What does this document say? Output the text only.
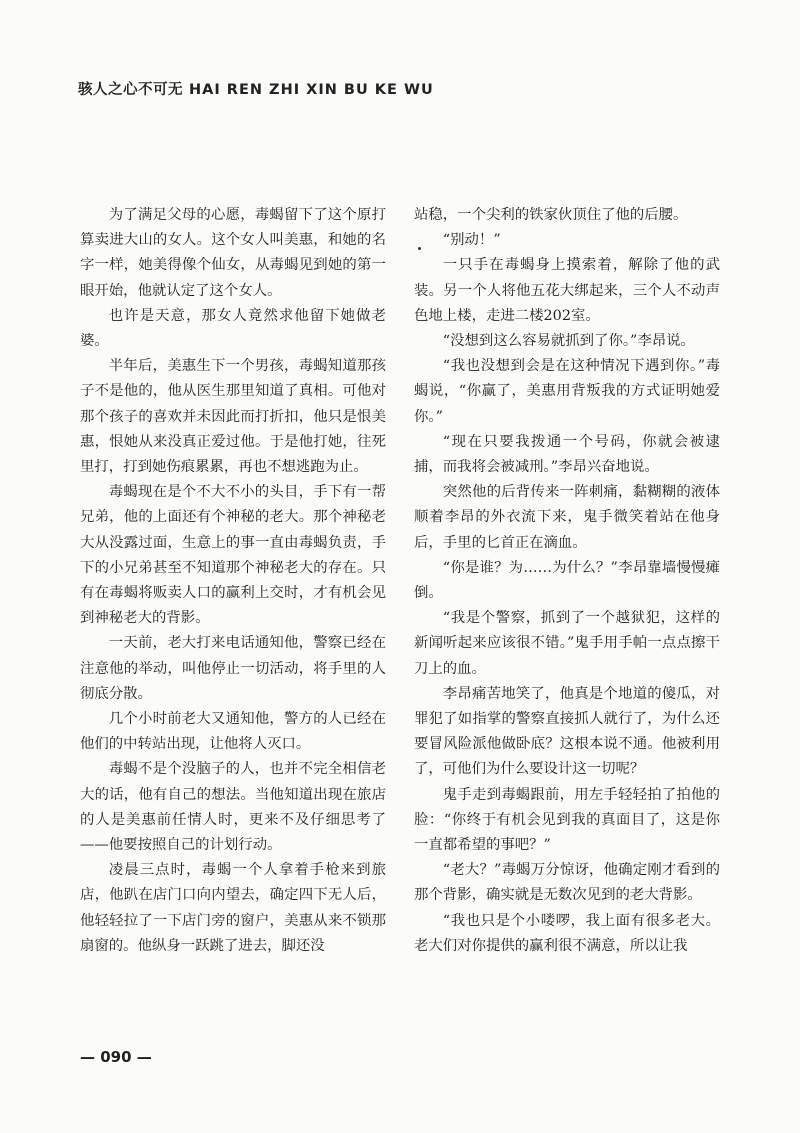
骇人之心不可无 HAI REN ZHI XIN BU KE WU

为了满足父母的心愿，毒蝎留下了这个原打算卖进大山的女人。这个女人叫美惠，和她的名字一样，她美得像个仙女，从毒蝎见到她的第一眼开始，他就认定了这个女人。

也许是天意，那女人竟然求他留下她做老婆。

半年后，美惠生下一个男孩，毒蝎知道那孩子不是他的，他从医生那里知道了真相。可他对那个孩子的喜欢并未因此而打折扣，他只是恨美惠，恨她从来没真正爱过他。于是他打她，往死里打，打到她伤痕累累，再也不想逃跑为止。

毒蝎现在是个不大不小的头目，手下有一帮兄弟，他的上面还有个神秘的老大。那个神秘老大从没露过面，生意上的事一直由毒蝎负责，手下的小兄弟甚至不知道那个神秘老大的存在。只有在毒蝎将贩卖人口的赢利上交时，才有机会见到神秘老大的背影。

一天前，老大打来电话通知他，警察已经在注意他的举动，叫他停止一切活动，将手里的人彻底分散。

几个小时前老大又通知他，警方的人已经在他们的中转站出现，让他将人灭口。

毒蝎不是个没脑子的人，也并不完全相信老大的话，他有自己的想法。当他知道出现在旅店的人是美惠前任情人时，更来不及仔细思考了——他要按照自己的计划行动。

凌晨三点时，毒蝎一个人拿着手枪来到旅店，他趴在店门口向内望去，确定四下无人后，他轻轻拉了一下店门旁的窗户，美惠从来不锁那扇窗的。他纵身一跃跳了进去，脚还没

站稳，一个尖利的铁家伙顶住了他的后腰。

“别动！”

一只手在毒蝎身上摸索着，解除了他的武装。另一个人将他五花大绑起来，三个人不动声色地上楼，走进二楼202室。

“没想到这么容易就抓到了你。”李昂说。

“我也没想到会是在这种情况下遇到你。”毒蝎说，“你赢了，美惠用背叛我的方式证明她爱你。”

“现在只要我拨通一个号码，你就会被逮捕，而我将会被减刑。”李昂兴奋地说。

突然他的后背传来一阵刺痛，黏糊糊的液体顺着李昂的外衣流下来，鬼手微笑着站在他身后，手里的匕首正在滴血。

“你是谁？为……为什么？”李昂靠墙慢慢瘫倒。

“我是个警察，抓到了一个越狱犯，这样的新闻听起来应该很不错。”鬼手用手帕一点点擦干刀上的血。

李昂痛苦地笑了，他真是个地道的傻瓜，对罪犯了如指掌的警察直接抓人就行了，为什么还要冒风险派他做卧底？这根本说不通。他被利用了，可他们为什么要设计这一切呢？

鬼手走到毒蝎跟前，用左手轻轻拍了拍他的脸：“你终于有机会见到我的真面目了，这是你一直都希望的事吧？”

“老大？”毒蝎万分惊讶，他确定刚才看到的那个背影，确实就是无数次见到的老大背影。

“我也只是个小喽啰，我上面有很多老大。老大们对你提供的赢利很不满意，所以让我

— 090 —
